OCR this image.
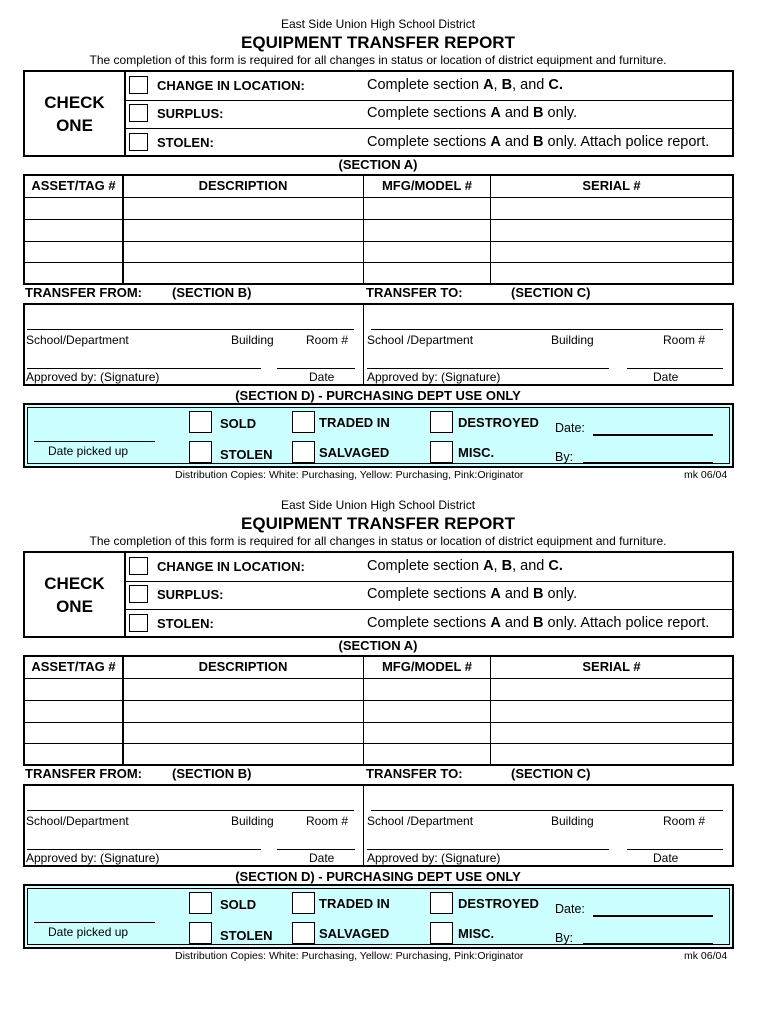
East Side Union High School District
EQUIPMENT TRANSFER REPORT
The completion of this form is required for all changes in status or location of district equipment and furniture.
CHECK ONE
CHANGE IN LOCATION:	Complete section A, B, and C.
SURPLUS:	Complete sections A and B only.
STOLEN:	Complete sections A and B only. Attach police report.
(SECTION A)
ASSET/TAG #	DESCRIPTION	MFG/MODEL #	SERIAL #
TRANSFER FROM: (SECTION B)	TRANSFER TO:	(SECTION C)
School/Department	Building	Room #
Approved by: (Signature)	Date
School /Department	Building	Room #
Approved by: (Signature)	Date
(SECTION D) - PURCHASING DEPT USE ONLY
Date picked up
SOLD
STOLEN
TRADED IN
SALVAGED
DESTROYED
MISC.
Date:
By:
Distribution Copies: White: Purchasing, Yellow: Purchasing, Pink:Originator	mk 06/04
East Side Union High School District
EQUIPMENT TRANSFER REPORT
The completion of this form is required for all changes in status or location of district equipment and furniture.
CHECK ONE
CHANGE IN LOCATION:	Complete section A, B, and C.
SURPLUS:	Complete sections A and B only.
STOLEN:	Complete sections A and B only. Attach police report.
(SECTION A)
ASSET/TAG #	DESCRIPTION	MFG/MODEL #	SERIAL #
TRANSFER FROM: (SECTION B)	TRANSFER TO:	(SECTION C)
School/Department	Building	Room #
Approved by: (Signature)	Date
School /Department	Building	Room #
Approved by: (Signature)	Date
(SECTION D) - PURCHASING DEPT USE ONLY
Date picked up
SOLD
STOLEN
TRADED IN
SALVAGED
DESTROYED
MISC.
Date:
By:
Distribution Copies: White: Purchasing, Yellow: Purchasing, Pink:Originator	mk 06/04
